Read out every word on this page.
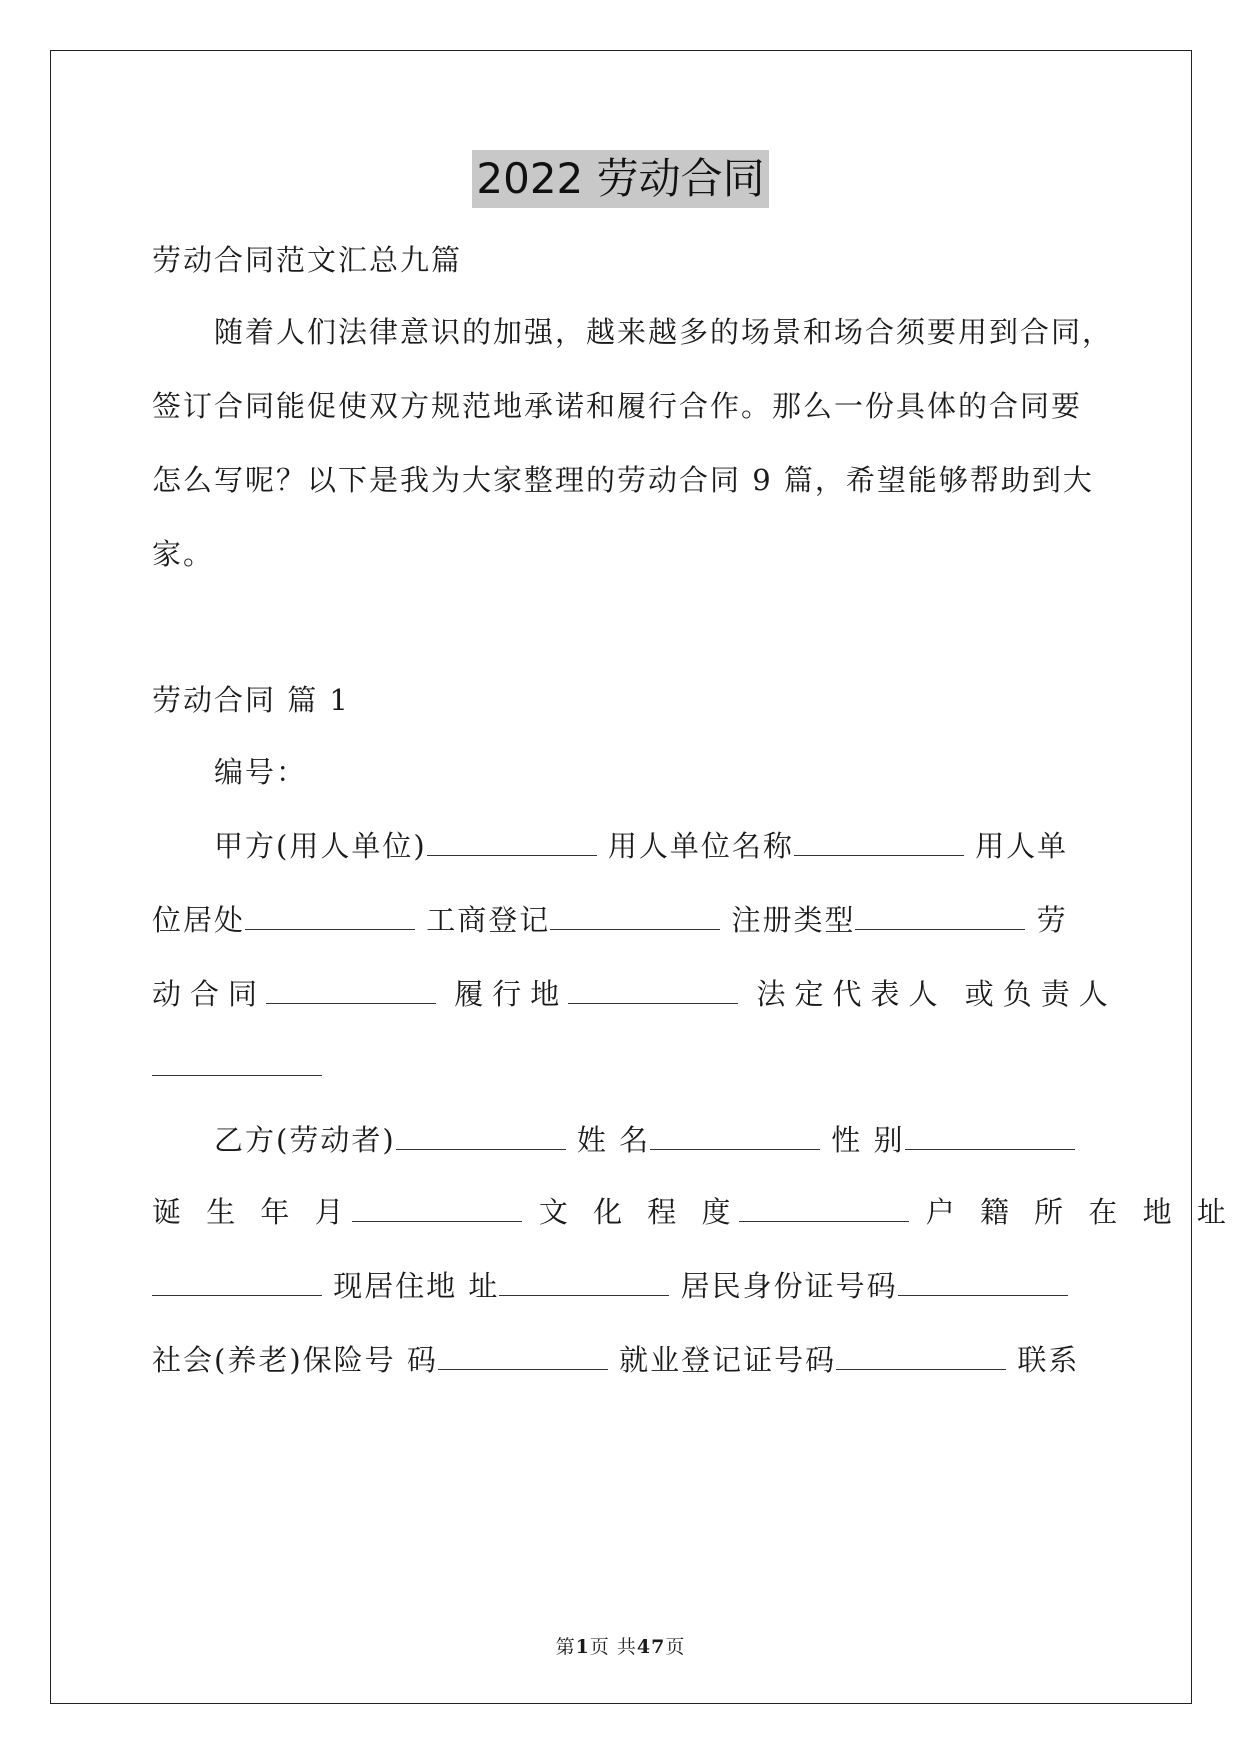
2022 劳动合同
劳动合同范文汇总九篇
随着人们法律意识的加强，越来越多的场景和场合须要用到合同，
签订合同能促使双方规范地承诺和履行合作。那么一份具体的合同要
怎么写呢？以下是我为大家整理的劳动合同 9 篇，希望能够帮助到大
家。
劳动合同 篇 1
编号：
甲方(用人单位)	用人单位名称	用人单
位居处	工商登记	注册类型	劳
动合同	履行地	法定代表人 或负责人
乙方(劳动者)	姓 名	性 别
诞 生 年 月	文 化 程 度	户 籍 所 在 地 址
现居住地 址	居民身份证号码
社会(养老)保险号 码	就业登记证号码	联系
第1页 共47页
